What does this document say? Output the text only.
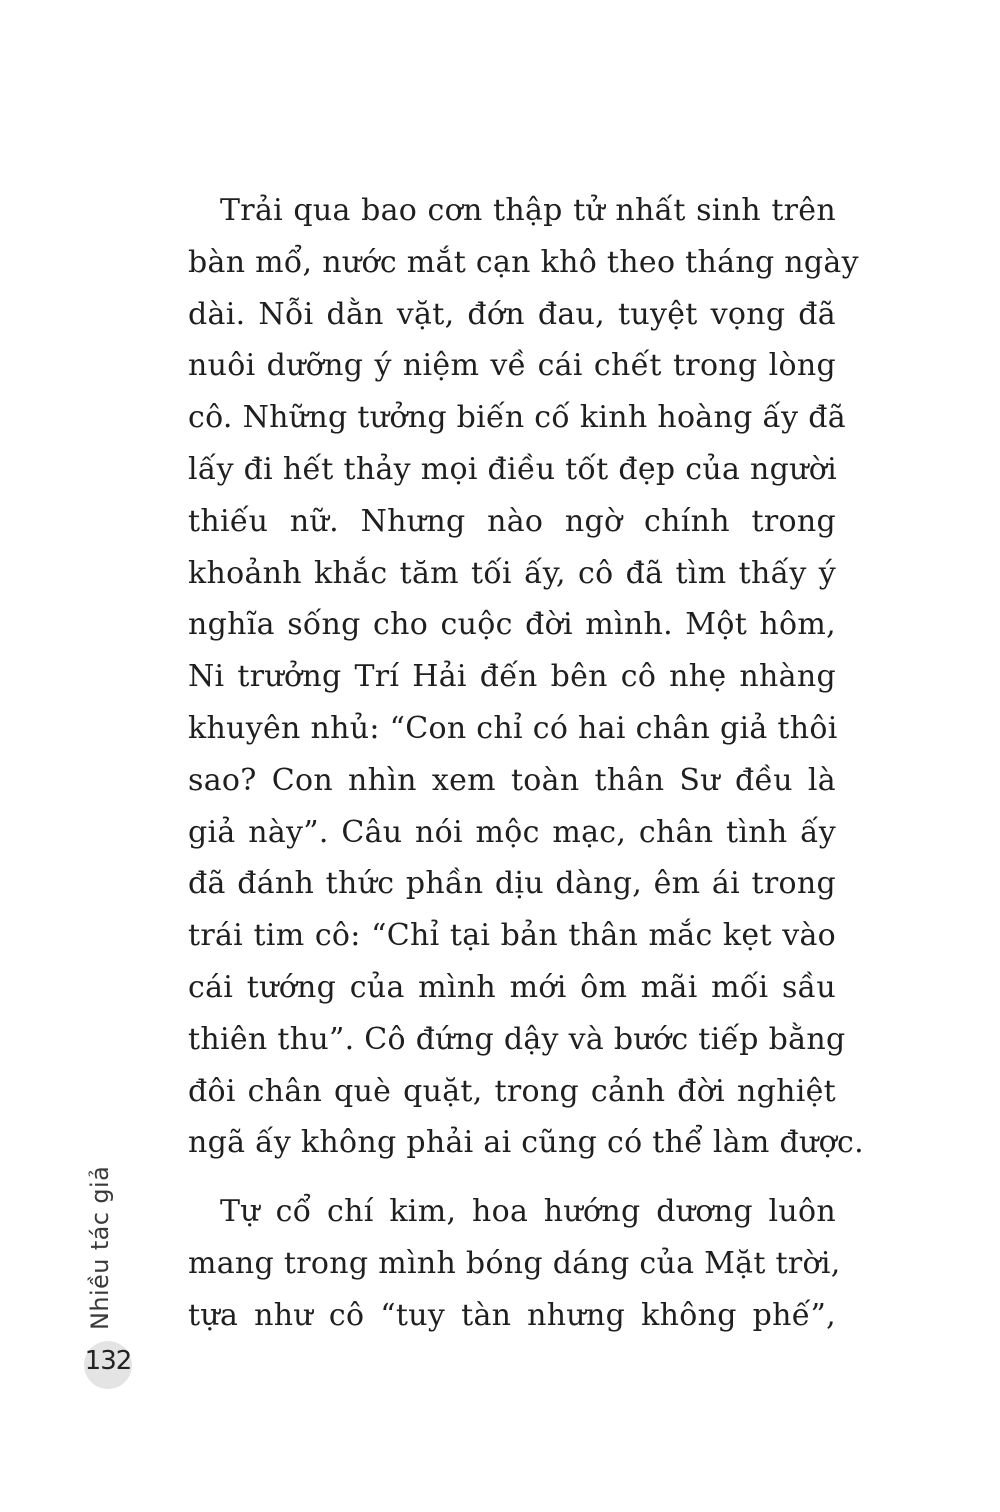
Trải qua bao cơn thập tử nhất sinh trên
bàn mổ, nước mắt cạn khô theo tháng ngày
dài. Nỗi dằn vặt, đớn đau, tuyệt vọng đã
nuôi dưỡng ý niệm về cái chết trong lòng
cô. Những tưởng biến cố kinh hoàng ấy đã
lấy đi hết thảy mọi điều tốt đẹp của người
thiếu nữ. Nhưng nào ngờ chính trong
khoảnh khắc tăm tối ấy, cô đã tìm thấy ý
nghĩa sống cho cuộc đời mình. Một hôm,
Ni trưởng Trí Hải đến bên cô nhẹ nhàng
khuyên nhủ: “Con chỉ có hai chân giả thôi
sao? Con nhìn xem toàn thân Sư đều là
giả này”. Câu nói mộc mạc, chân tình ấy
đã đánh thức phần dịu dàng, êm ái trong
trái tim cô: “Chỉ tại bản thân mắc kẹt vào
cái tướng của mình mới ôm mãi mối sầu
thiên thu”. Cô đứng dậy và bước tiếp bằng
đôi chân què quặt, trong cảnh đời nghiệt
ngã ấy không phải ai cũng có thể làm được.
Tự cổ chí kim, hoa hướng dương luôn
mang trong mình bóng dáng của Mặt trời,
tựa như cô “tuy tàn nhưng không phế”,
Nhiều tác giả
132
